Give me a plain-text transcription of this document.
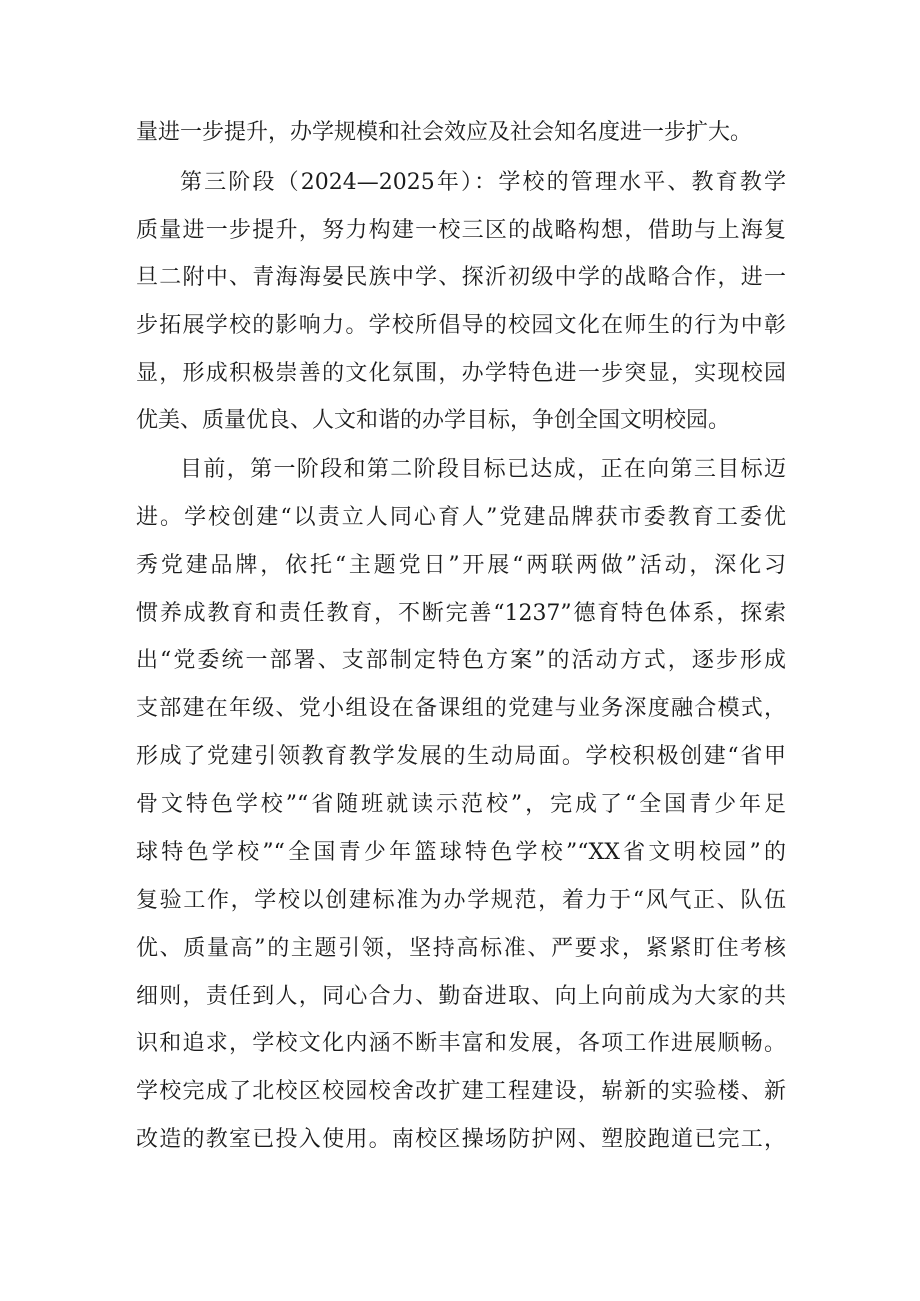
量进一步提升，办学规模和社会效应及社会知名度进一步扩大。
第三阶段（2024—2025年）：学校的管理水平、教育教学
质量进一步提升，努力构建一校三区的战略构想，借助与上海复
旦二附中、青海海晏民族中学、探沂初级中学的战略合作，进一
步拓展学校的影响力。学校所倡导的校园文化在师生的行为中彰
显，形成积极崇善的文化氛围，办学特色进一步突显，实现校园
优美、质量优良、人文和谐的办学目标，争创全国文明校园。
目前，第一阶段和第二阶段目标已达成，正在向第三目标迈
进。学校创建“以责立人同心育人”党建品牌获市委教育工委优
秀党建品牌，依托“主题党日”开展“两联两做”活动，深化习
惯养成教育和责任教育，不断完善“1237”德育特色体系，探索
出“党委统一部署、支部制定特色方案”的活动方式，逐步形成
支部建在年级、党小组设在备课组的党建与业务深度融合模式，
形成了党建引领教育教学发展的生动局面。学校积极创建“省甲
骨文特色学校”“省随班就读示范校”，完成了“全国青少年足
球特色学校”“全国青少年篮球特色学校”“XX省文明校园”的
复验工作，学校以创建标准为办学规范，着力于“风气正、队伍
优、质量高”的主题引领，坚持高标准、严要求，紧紧盯住考核
细则，责任到人，同心合力、勤奋进取、向上向前成为大家的共
识和追求，学校文化内涵不断丰富和发展，各项工作进展顺畅。
学校完成了北校区校园校舍改扩建工程建设，崭新的实验楼、新
改造的教室已投入使用。南校区操场防护网、塑胶跑道已完工，
